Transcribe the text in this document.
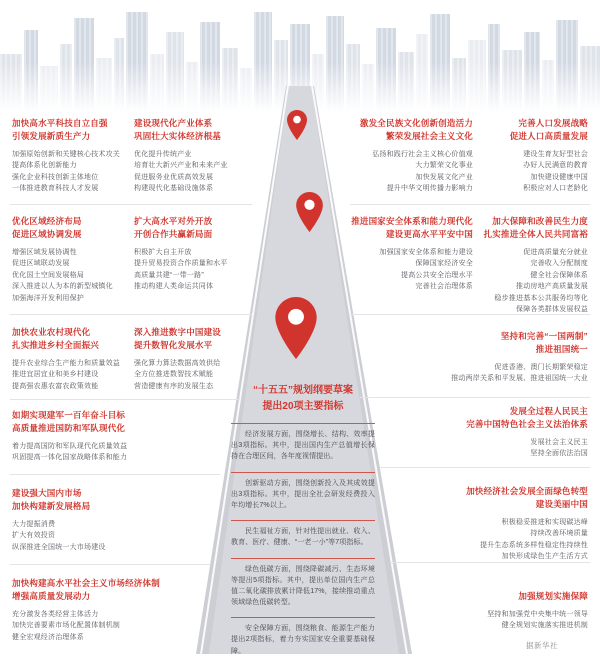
加快高水平科技自立自强
引领发展新质生产力
加强原始创新和关键核心技术攻关
提高体系化创新能力
强化企业科技创新主体地位
一体推进教育科技人才发展
建设现代化产业体系
巩固壮大实体经济根基
优化提升传统产业
培育壮大新兴产业和未来产业
促进服务业优质高效发展
构建现代化基础设施体系
优化区域经济布局
促进区域协调发展
增强区域发展协调性
促进区域联动发展
优化国土空间发展格局
深入推进以人为本的新型城镇化
加强海洋开发利用保护
扩大高水平对外开放
开创合作共赢新局面
积极扩大自主开放
提升贸易投资合作质量和水平
高质量共建“一带一路”
推动构建人类命运共同体
加快农业农村现代化
扎实推进乡村全面振兴
提升农业综合生产能力和质量效益
推进宜居宜业和美乡村建设
提高强农惠农富农政策效能
深入推进数字中国建设
提升数智化发展水平
强化算力算法数据高效供给
全方位推进数智技术赋能
营造健康有序的发展生态
如期实现建军一百年奋斗目标
高质量推进国防和军队现代化
着力提高国防和军队现代化质量效益
巩固提高一体化国家战略体系和能力
建设强大国内市场
加快构建新发展格局
大力提振消费
扩大有效投资
纵深推进全国统一大市场建设
加快构建高水平社会主义市场经济体制
增强高质量发展动力
充分激发各类经营主体活力
加快完善要素市场化配置体制机制
健全宏观经济治理体系
激发全民族文化创新创造活力
繁荣发展社会主义文化
弘扬和践行社会主义核心价值观
大力繁荣文化事业
加快发展文化产业
提升中华文明传播力影响力
完善人口发展战略
促进人口高质量发展
建设生育友好型社会
办好人民满意的教育
加快建设健康中国
积极应对人口老龄化
推进国家安全体系和能力现代化
建设更高水平平安中国
加强国家安全体系和能力建设
保障国家经济安全
提高公共安全治理水平
完善社会治理体系
加大保障和改善民生力度
扎实推进全体人民共同富裕
促进高质量充分就业
完善收入分配制度
健全社会保障体系
推动房地产高质量发展
稳步推进基本公共服务均等化
保障各类群体发展权益
坚持和完善“一国两制”
推进祖国统一
促进香港、澳门长期繁荣稳定
推动两岸关系和平发展、推进祖国统一大业
发展全过程人民民主
完善中国特色社会主义法治体系
发展社会主义民主
坚持全面依法治国
加快经济社会发展全面绿色转型
建设美丽中国
积极稳妥推进和实现碳达峰
持续改善环境质量
提升生态系统多样性稳定性持续性
加快形成绿色生产生活方式
加强规划实施保障
坚持和加强党中央集中统一领导
健全规划实施落实推进机制
“十五五”规划纲要草案
提出20项主要指标
经济发展方面，围绕增长、结构、效率提出3项指标。其中，提出国内生产总值增长保持在合理区间，各年度视情提出。
创新驱动方面，围绕创新投入及其成效提出3项指标。其中，提出全社会研发经费投入年均增长7%以上。
民生福祉方面，针对性提出就业、收入、教育、医疗、健康、“一老一小”等7项指标。
绿色低碳方面，围绕降碳减污、生态环境等提出5项指标。其中，提出单位国内生产总值二氧化碳排放累计降低17%，接续推动重点领域绿色低碳转型。
安全保障方面，围绕粮食、能源生产能力提出2项指标，着力夯实国家安全重要基础保障。
据新华社
